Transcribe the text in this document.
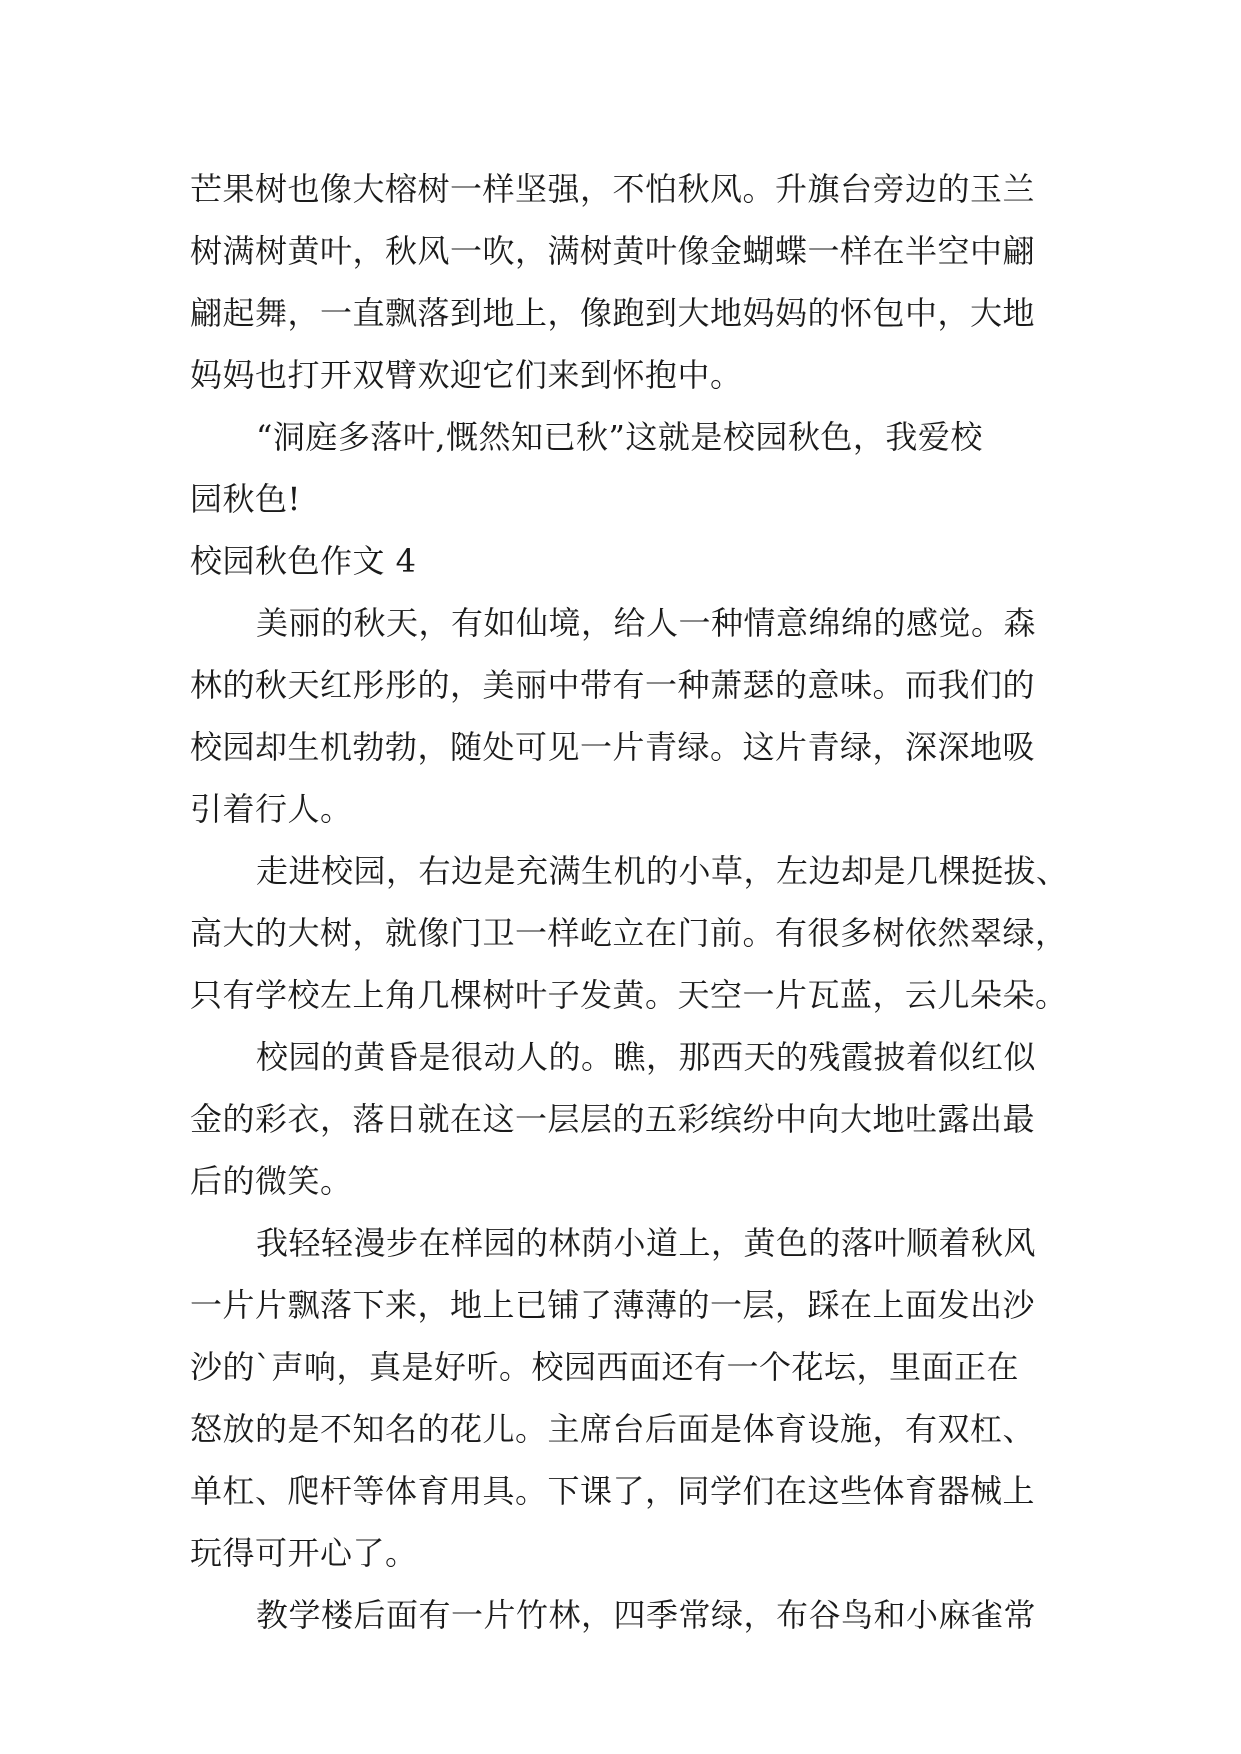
芒果树也像大榕树一样坚强，不怕秋风。升旗台旁边的玉兰
树满树黄叶，秋风一吹，满树黄叶像金蝴蝶一样在半空中翩
翩起舞，一直飘落到地上，像跑到大地妈妈的怀包中，大地
妈妈也打开双臂欢迎它们来到怀抱中。
“洞庭多落叶,慨然知已秋”这就是校园秋色，我爱校
园秋色!
校园秋色作文 4
美丽的秋天，有如仙境，给人一种情意绵绵的感觉。森
林的秋天红彤彤的，美丽中带有一种萧瑟的意味。而我们的
校园却生机勃勃，随处可见一片青绿。这片青绿，深深地吸
引着行人。
走进校园，右边是充满生机的小草，左边却是几棵挺拔、
高大的大树，就像门卫一样屹立在门前。有很多树依然翠绿，
只有学校左上角几棵树叶子发黄。天空一片瓦蓝，云儿朵朵。
校园的黄昏是很动人的。瞧，那西天的残霞披着似红似
金的彩衣，落日就在这一层层的五彩缤纷中向大地吐露出最
后的微笑。
我轻轻漫步在样园的林荫小道上，黄色的落叶顺着秋风
一片片飘落下来，地上已铺了薄薄的一层，踩在上面发出沙
沙的`声响，真是好听。校园西面还有一个花坛，里面正在
怒放的是不知名的花儿。主席台后面是体育设施，有双杠、
单杠、爬杆等体育用具。下课了，同学们在这些体育器械上
玩得可开心了。
教学楼后面有一片竹林，四季常绿，布谷鸟和小麻雀常
